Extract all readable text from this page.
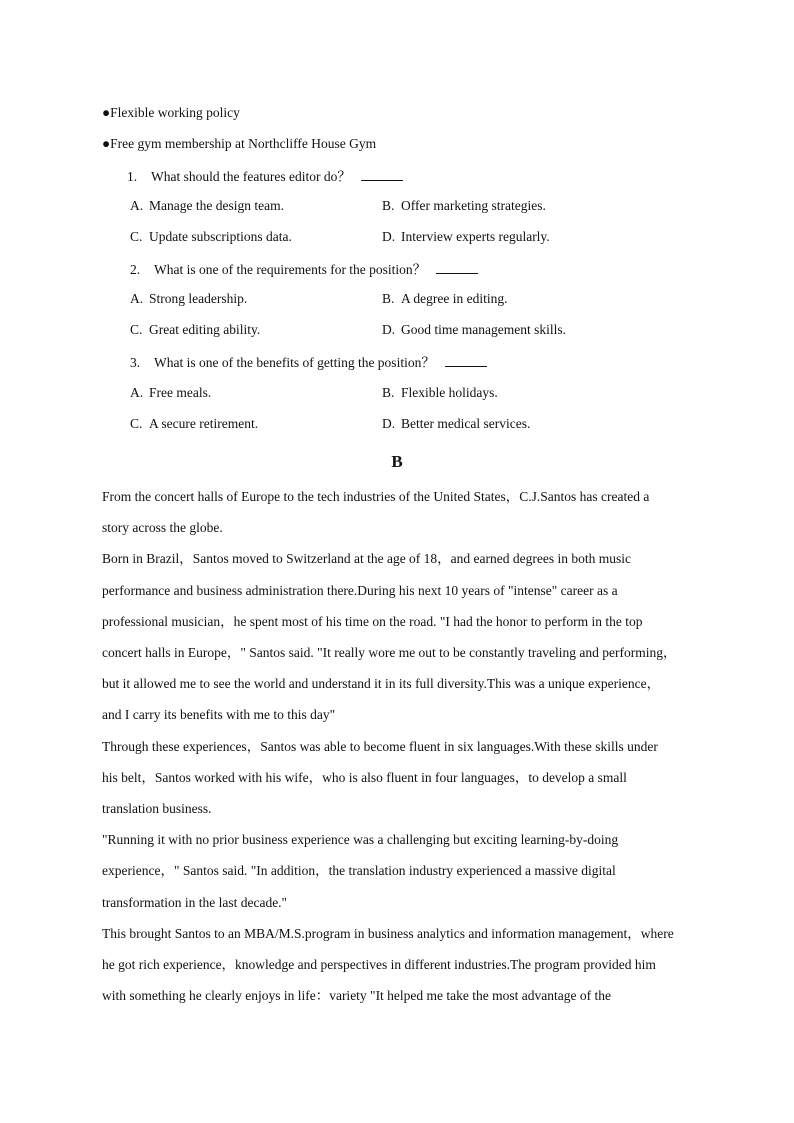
●Flexible working policy
●Free gym membership at Northcliffe House Gym
1. What should the features editor do？
A. Manage the design team.	B. Offer marketing strategies.
C. Update subscriptions data.	D. Interview experts regularly.
2. What is one of the requirements for the position？
A. Strong leadership.	B. A degree in editing.
C. Great editing ability.	D. Good time management skills.
3. What is one of the benefits of getting the position？
A. Free meals.	B. Flexible holidays.
C. A secure retirement.	D. Better medical services.
B
From the concert halls of Europe to the tech industries of the United States，C.J.Santos has created a
story across the globe.
Born in Brazil，Santos moved to Switzerland at the age of 18，and earned degrees in both music
performance and business administration there.During his next 10 years of "intense" career as a
professional musician，he spent most of his time on the road. "I had the honor to perform in the top
concert halls in Europe，" Santos said. "It really wore me out to be constantly traveling and performing，
but it allowed me to see the world and understand it in its full diversity.This was a unique experience，
and I carry its benefits with me to this day"
Through these experiences，Santos was able to become fluent in six languages.With these skills under
his belt，Santos worked with his wife，who is also fluent in four languages，to develop a small
translation business.
"Running it with no prior business experience was a challenging but exciting learning-by-doing
experience，" Santos said. "In addition，the translation industry experienced a massive digital
transformation in the last decade."
This brought Santos to an MBA/M.S.program in business analytics and information management，where
he got rich experience，knowledge and perspectives in different industries.The program provided him
with something he clearly enjoys in life：variety "It helped me take the most advantage of the
